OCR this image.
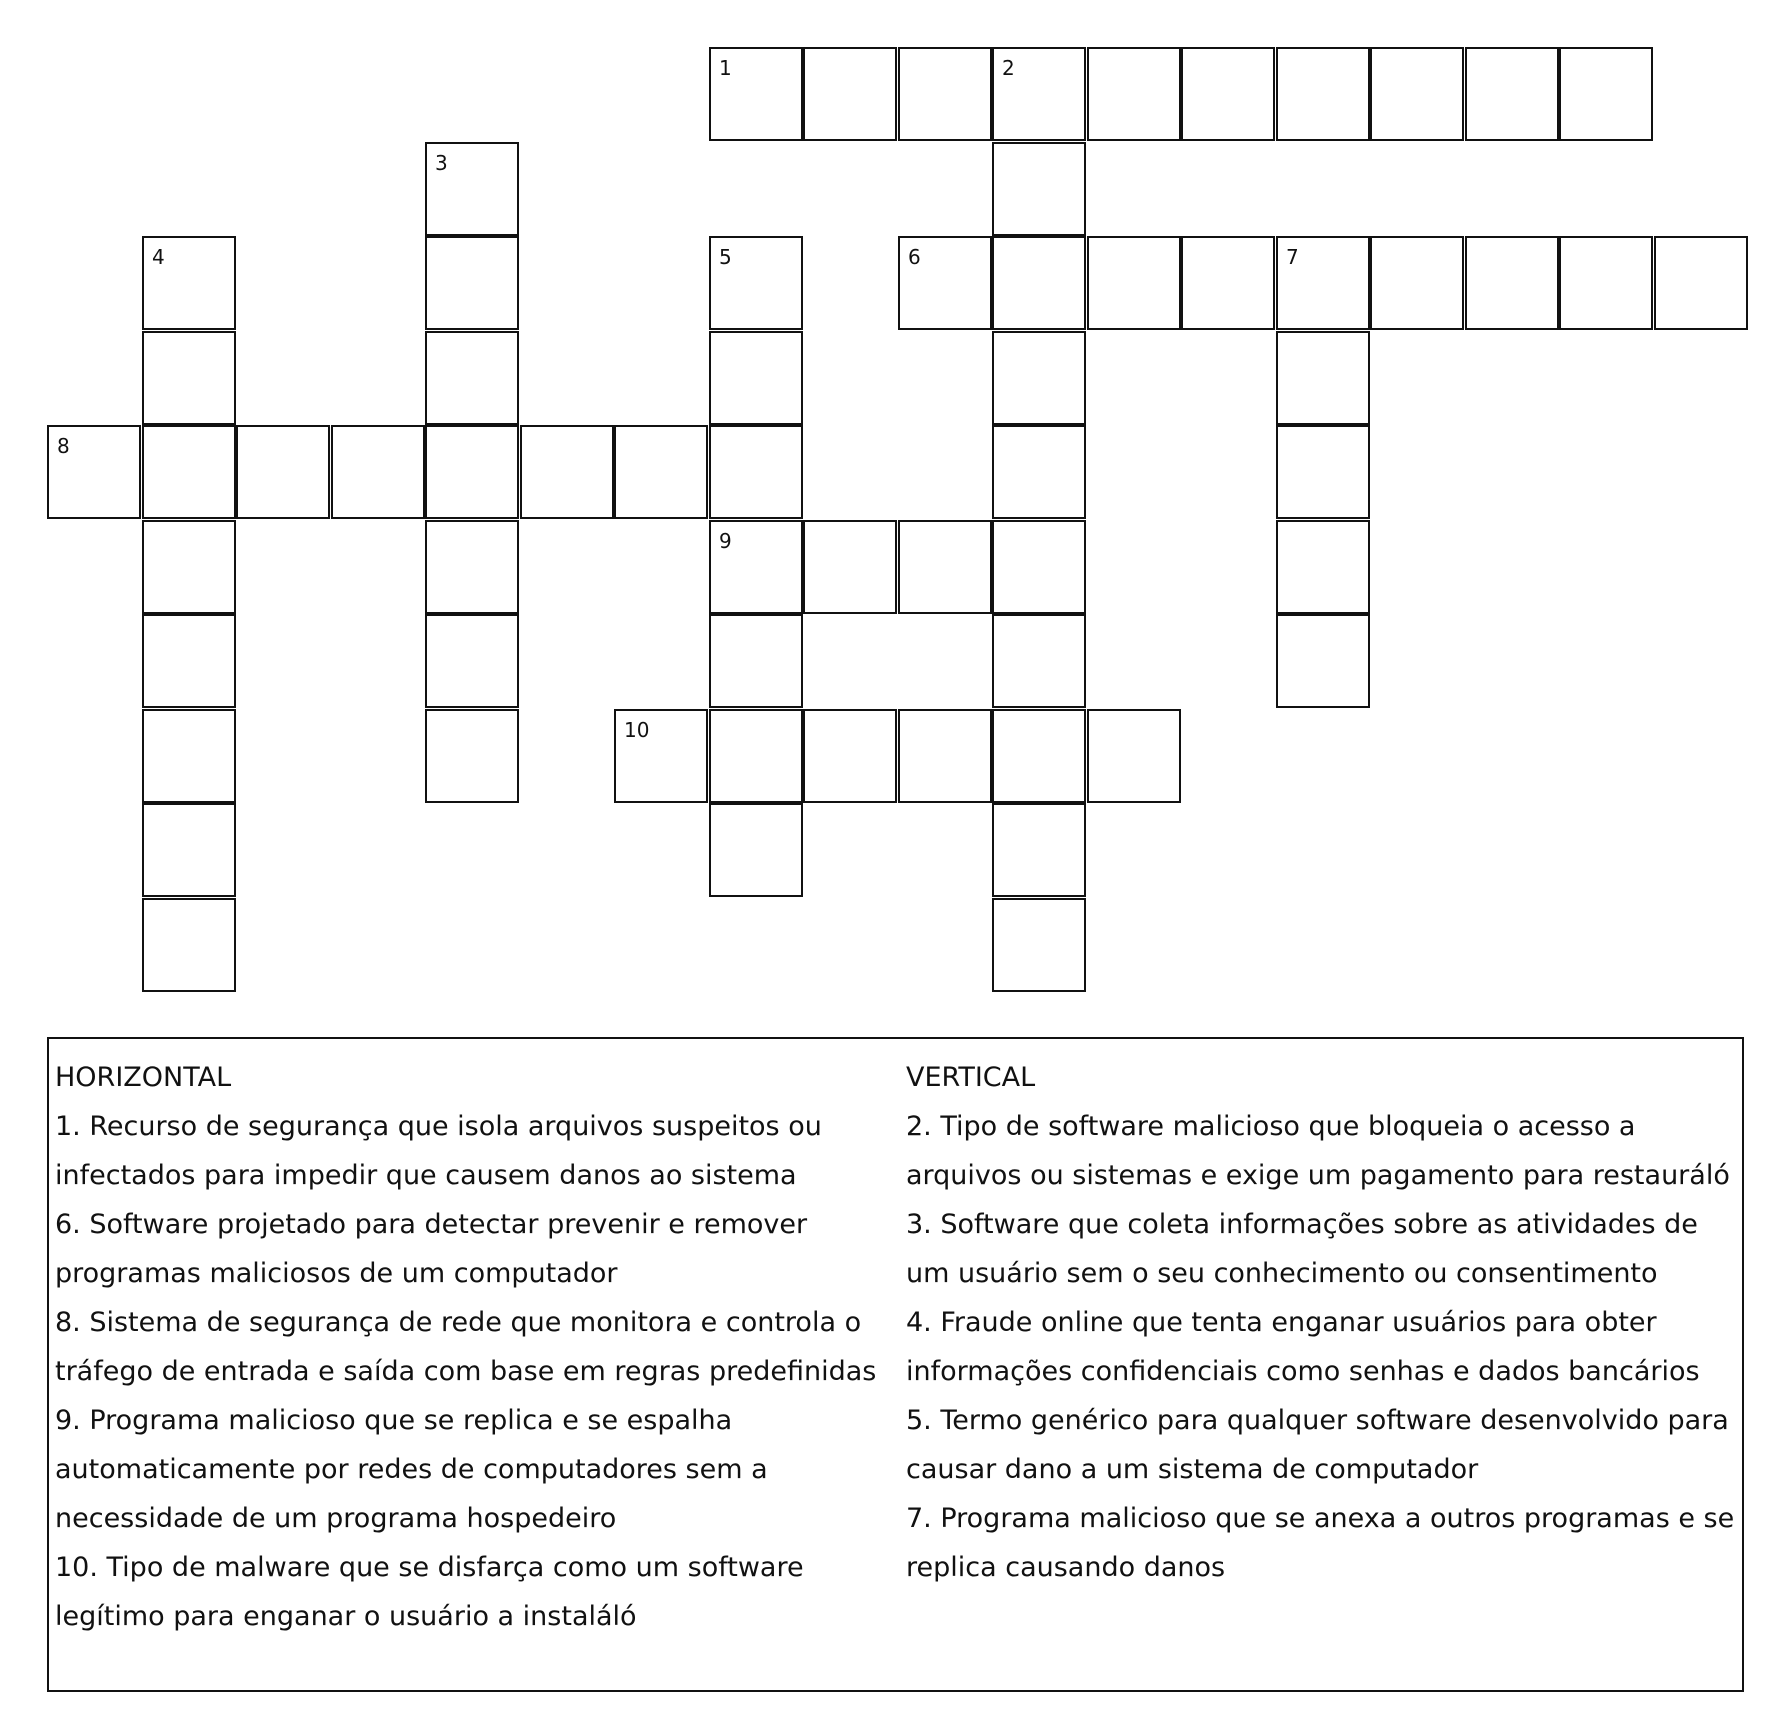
1	2
3
4	5	6	7
8
9
10
HORIZONTAL
1. Recurso de segurança que isola arquivos suspeitos ou infectados para impedir que causem danos ao sistema
6. Software projetado para detectar prevenir e remover programas maliciosos de um computador
8. Sistema de segurança de rede que monitora e controla o tráfego de entrada e saída com base em regras predefinidas
9. Programa malicioso que se replica e se espalha automaticamente por redes de computadores sem a necessidade de um programa hospedeiro
10. Tipo de malware que se disfarça como um software legítimo para enganar o usuário a instaláló
VERTICAL
2. Tipo de software malicioso que bloqueia o acesso a arquivos ou sistemas e exige um pagamento para restauráló
3. Software que coleta informações sobre as atividades de um usuário sem o seu conhecimento ou consentimento
4. Fraude online que tenta enganar usuários para obter informações confidenciais como senhas e dados bancários
5. Termo genérico para qualquer software desenvolvido para causar dano a um sistema de computador
7. Programa malicioso que se anexa a outros programas e se replica causando danos
